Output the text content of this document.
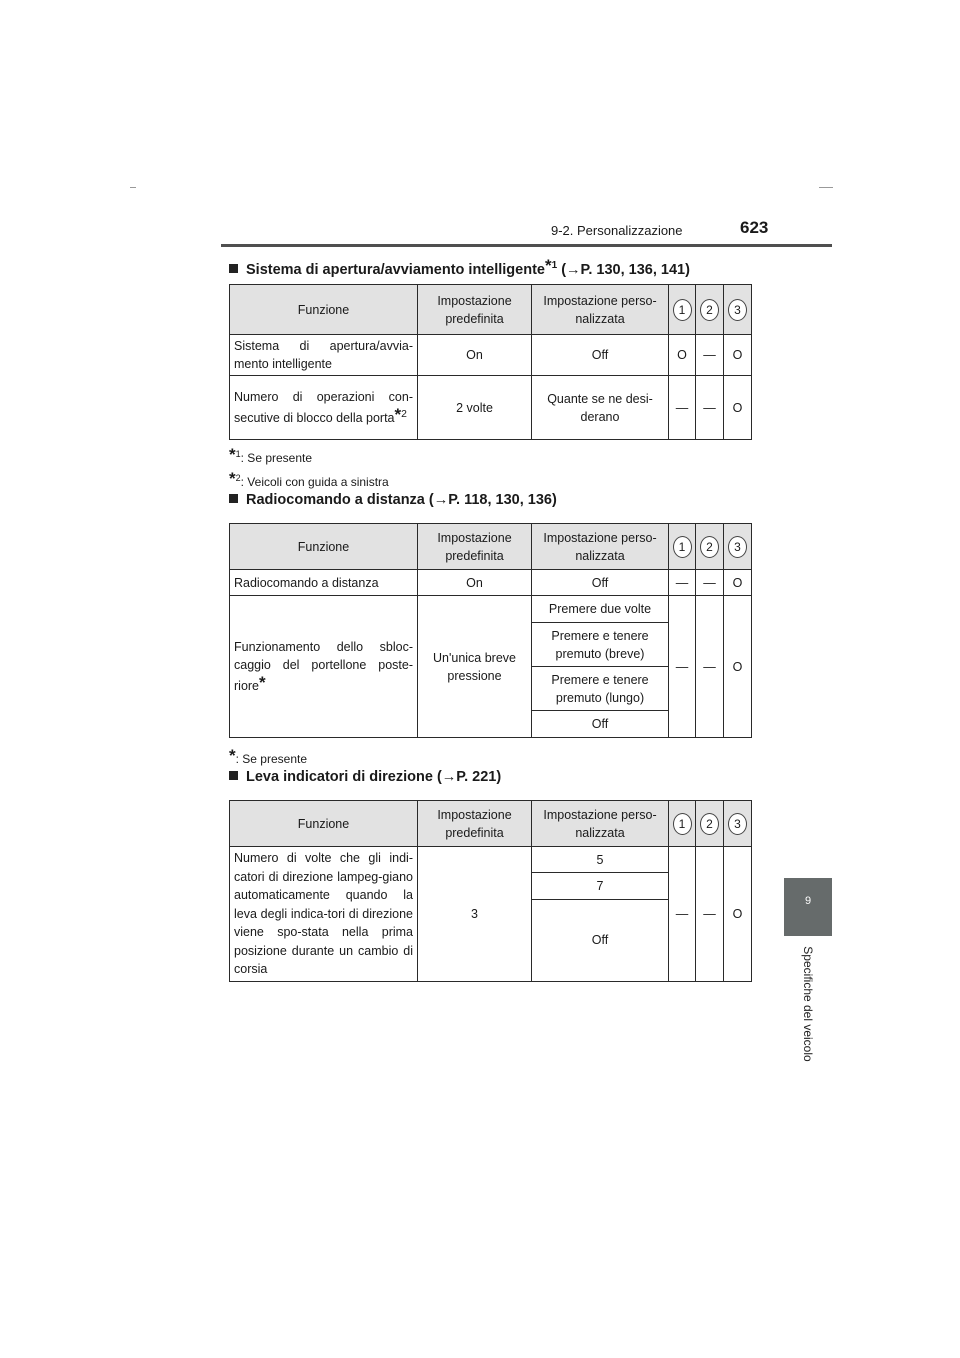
9-2. Personalizzazione	623
9
Specifiche del veicolo
Sistema di apertura/avviamento intelligente$^{*1}$ (→P. 130, 136, 141)
Funzione	Impostazione predefinita	Impostazione perso-nalizzata	1	2	3
Sistema di apertura/avvia-mento intelligente	On	Off	O	—	O
Numero di operazioni con-secutive di blocco della porta$^{*2}$	2 volte	Quante se ne desi-derano	—	—	O
$^{*1}$: Se presente
$^{*2}$: Veicoli con guida a sinistra
Radiocomando a distanza (→P. 118, 130, 136)
Funzione	Impostazione predefinita	Impostazione perso-nalizzata	1	2	3
Radiocomando a distanza	On	Off	—	—	O
Funzionamento dello sbloc-caggio del portellone poste-riore*	Un'unica breve pressione	Premere due volte	—	—	O
		Premere e tenere premuto (breve)			
		Premere e tenere premuto (lungo)			
		Off			
*: Se presente
Leva indicatori di direzione (→P. 221)
Funzione	Impostazione predefinita	Impostazione perso-nalizzata	1	2	3
Numero di volte che gli indi-catori di direzione lampeg-giano automaticamente quando la leva degli indica-tori di direzione viene spo-stata nella prima posizione durante un cambio di corsia	3	5	—	—	O
		7			
		Off			
